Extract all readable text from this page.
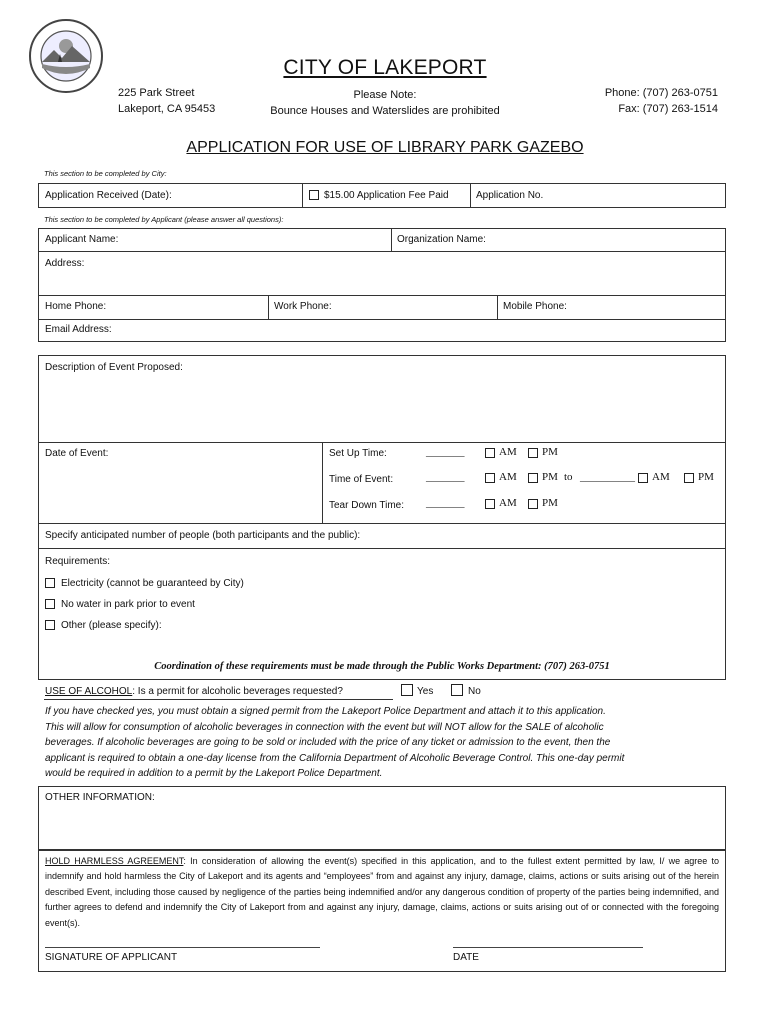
CITY OF LAKEPORT
225 Park Street
Lakeport, CA 95453
Please Note:
Bounce Houses and Waterslides are prohibited
Phone: (707) 263-0751
Fax: (707) 263-1514
APPLICATION FOR USE OF LIBRARY PARK GAZEBO
This section to be completed by City:
Application Received (Date):	$15.00 Application Fee Paid	Application No.
This section to be completed by Applicant (please answer all questions):
Applicant Name:	Organization Name:
Address:
Home Phone:	Work Phone:	Mobile Phone:
Email Address:
Description of Event Proposed:
Date of Event:	Set Up Time:	_______	AM PM
Time of Event:	_______	AM PM to __________ AM	PM
Tear Down Time: _______	AM PM
Specify anticipated number of people (both participants and the public):
Requirements:
Electricity (cannot be guaranteed by City)
No water in park prior to event
Other (please specify):
Coordination of these requirements must be made through the Public Works Department: (707) 263-0751
USE OF ALCOHOL: Is a permit for alcoholic beverages requested?	Yes	No
If you have checked yes, you must obtain a signed permit from the Lakeport Police Department and attach it to this application.
This will allow for consumption of alcoholic beverages in connection with the event but will NOT allow for the SALE of alcoholic
beverages. If alcoholic beverages are going to be sold or included with the price of any ticket or admission to the event, then the
applicant is required to obtain a one-day license from the California Department of Alcoholic Beverage Control. This one-day permit
would be required in addition to a permit by the Lakeport Police Department.
OTHER INFORMATION:
HOLD HARMLESS AGREEMENT: In consideration of allowing the event(s) specified in this application, and to the fullest extent permitted by law, I/ we agree to indemnify and hold harmless the City of Lakeport and its agents and “employees” from and against any injury, damage, claims, actions or suits arising out of the herein described Event, including those caused by negligence of the parties being indemnified and/or any dangerous condition of property of the parties being indemnified, and further agrees to defend and indemnify the City of Lakeport from and against any injury, damage, claims, actions or suits arising out of or connected with the foregoing event(s).
SIGNATURE OF APPLICANT	DATE
